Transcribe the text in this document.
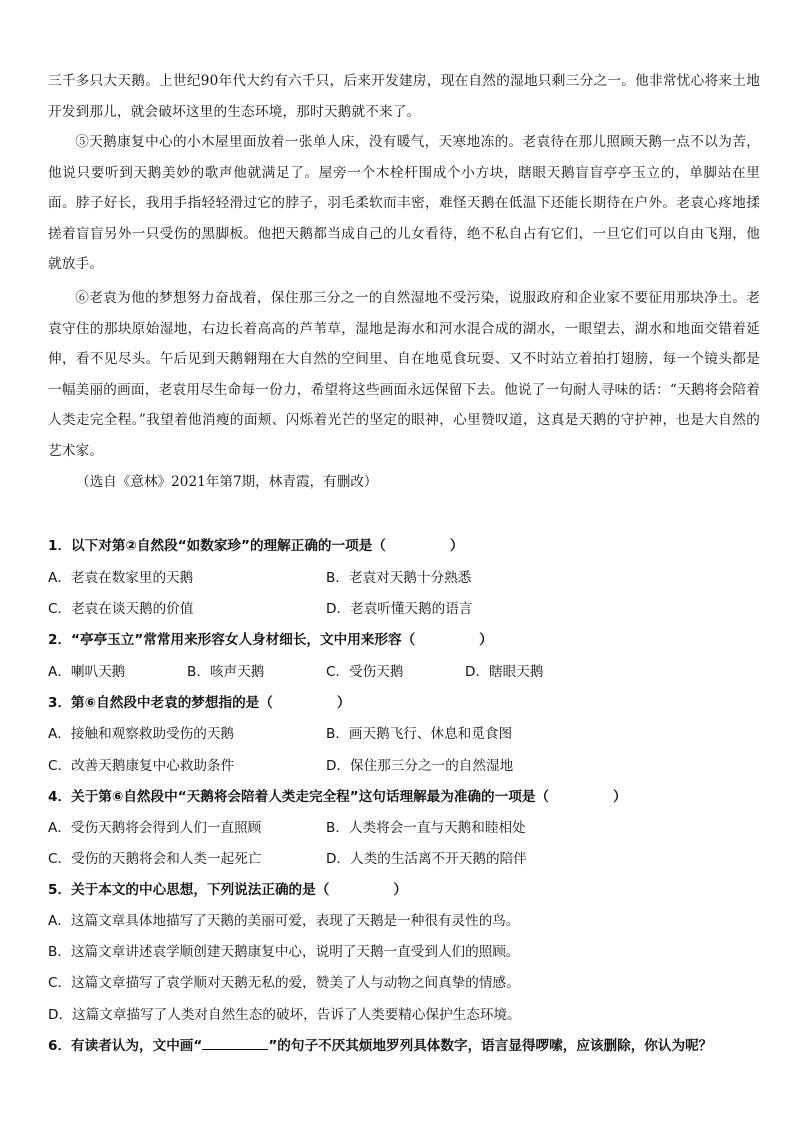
三千多只大天鹅。上世纪90年代大约有六千只，后来开发建房，现在自然的湿地只剩三分之一。他非常忧心将来土地开发到那儿，就会破坏这里的生态环境，那时天鹅就不来了。
⑤天鹅康复中心的小木屋里面放着一张单人床，没有暖气，天寒地冻的。老袁待在那儿照顾天鹅一点不以为苦，他说只要听到天鹅美妙的歌声他就满足了。屋旁一个木栓杆围成个小方块，瞎眼天鹅盲盲亭亭玉立的，单脚站在里面。脖子好长，我用手指轻轻滑过它的脖子，羽毛柔软而丰密，难怪天鹅在低温下还能长期待在户外。老袁心疼地揉搓着盲盲另外一只受伤的黑脚板。他把天鹅都当成自己的儿女看待，绝不私自占有它们，一旦它们可以自由飞翔，他就放手。
⑥老袁为他的梦想努力奋战着，保住那三分之一的自然湿地不受污染，说服政府和企业家不要征用那块净土。老袁守住的那块原始湿地，右边长着高高的芦苇草，湿地是海水和河水混合成的湖水，一眼望去，湖水和地面交错着延伸，看不见尽头。午后见到天鹅翱翔在大自然的空间里、自在地觅食玩耍、又不时站立着拍打翅膀，每一个镜头都是一幅美丽的画面，老袁用尽生命每一份力，希望将这些画面永远保留下去。他说了一句耐人寻味的话：“天鹅将会陪着人类走完全程。”我望着他消瘦的面颊、闪烁着光芒的坚定的眼神，心里赞叹道，这真是天鹅的守护神，也是大自然的艺术家。
（选自《意林》2021年第7期，林青霞，有删改）
1．以下对第②自然段“如数家珍”的理解正确的一项是（	）
A．老袁在数家里的天鹅	B．老袁对天鹅十分熟悉
C．老袁在谈天鹅的价值	D．老袁听懂天鹅的语言
2．“亭亭玉立”常常用来形容女人身材细长，文中用来形容（	）
A．喇叭天鹅	B．咳声天鹅	C．受伤天鹅	D．瞎眼天鹅
3．第⑥自然段中老袁的梦想指的是（	）
A．接触和观察救助受伤的天鹅	B．画天鹅飞行、休息和觅食图
C．改善天鹅康复中心救助条件	D．保住那三分之一的自然湿地
4．关于第⑥自然段中“天鹅将会陪着人类走完全程”这句话理解最为准确的一项是（	）
A．受伤天鹅将会得到人们一直照顾	B．人类将会一直与天鹅和睦相处
C．受伤的天鹅将会和人类一起死亡	D．人类的生活离不开天鹅的陪伴
5．关于本文的中心思想，下列说法正确的是（	）
A．这篇文章具体地描写了天鹅的美丽可爱，表现了天鹅是一种很有灵性的鸟。
B．这篇文章讲述袁学顺创建天鹅康复中心，说明了天鹅一直受到人们的照顾。
C．这篇文章描写了袁学顺对天鹅无私的爱，赞美了人与动物之间真挚的情感。
D．这篇文章描写了人类对自然生态的破坏，告诉了人类要精心保护生态环境。
6．有读者认为，文中画“	”的句子不厌其烦地罗列具体数字，语言显得啰嗦，应该删除，你认为呢？
